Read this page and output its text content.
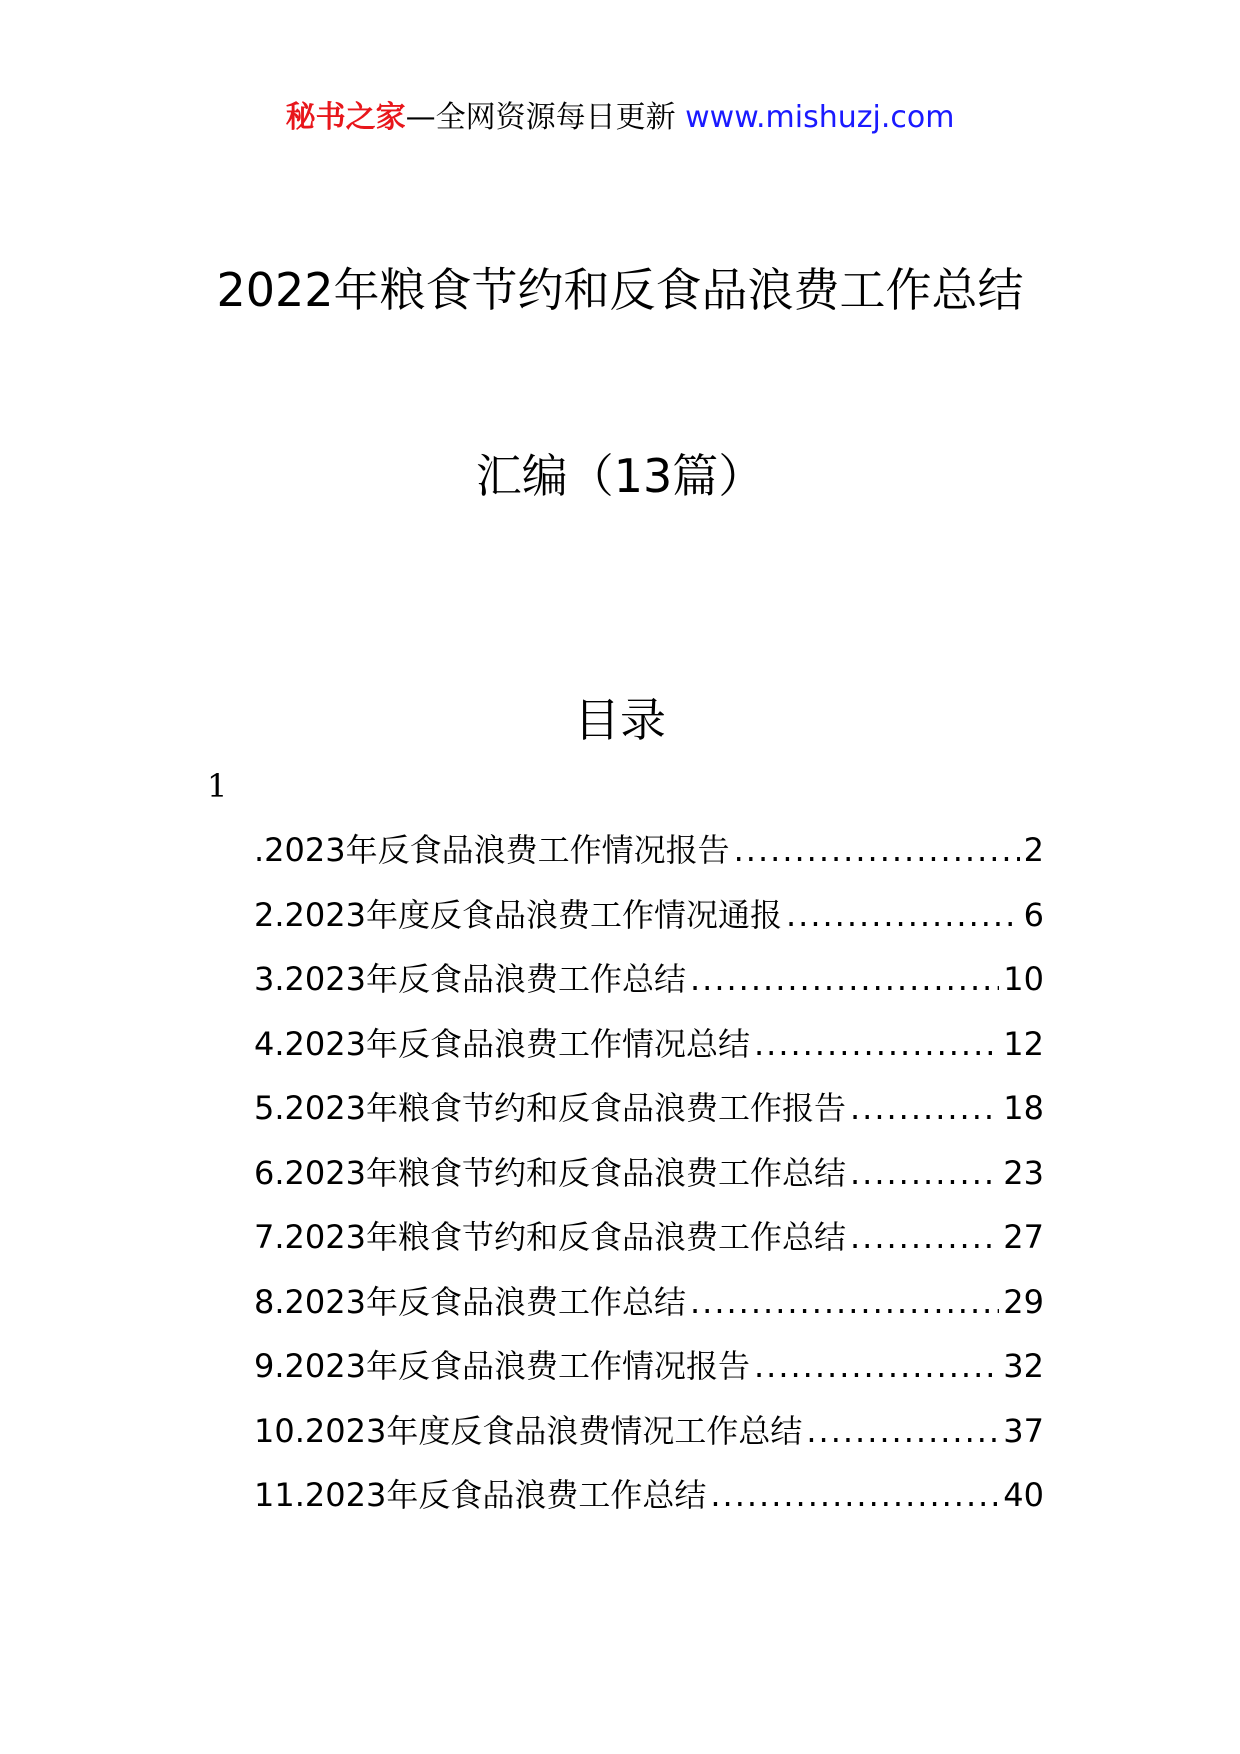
秘书之家—全网资源每日更新 www.mishuzj.com
2022年粮食节约和反食品浪费工作总结
汇编（13篇）
目录
1
.2023年反食品浪费工作情况报告 .....	2
2.2023年度反食品浪费工作情况通报 .....	6
3.2023年反食品浪费工作总结 .....	10
4.2023年反食品浪费工作情况总结 .....	12
5.2023年粮食节约和反食品浪费工作报告 .....	18
6.2023年粮食节约和反食品浪费工作总结 .....	23
7.2023年粮食节约和反食品浪费工作总结 .....	27
8.2023年反食品浪费工作总结 .....	29
9.2023年反食品浪费工作情况报告 .....	32
10.2023年度反食品浪费情况工作总结 .....	37
11.2023年反食品浪费工作总结 .....	40
